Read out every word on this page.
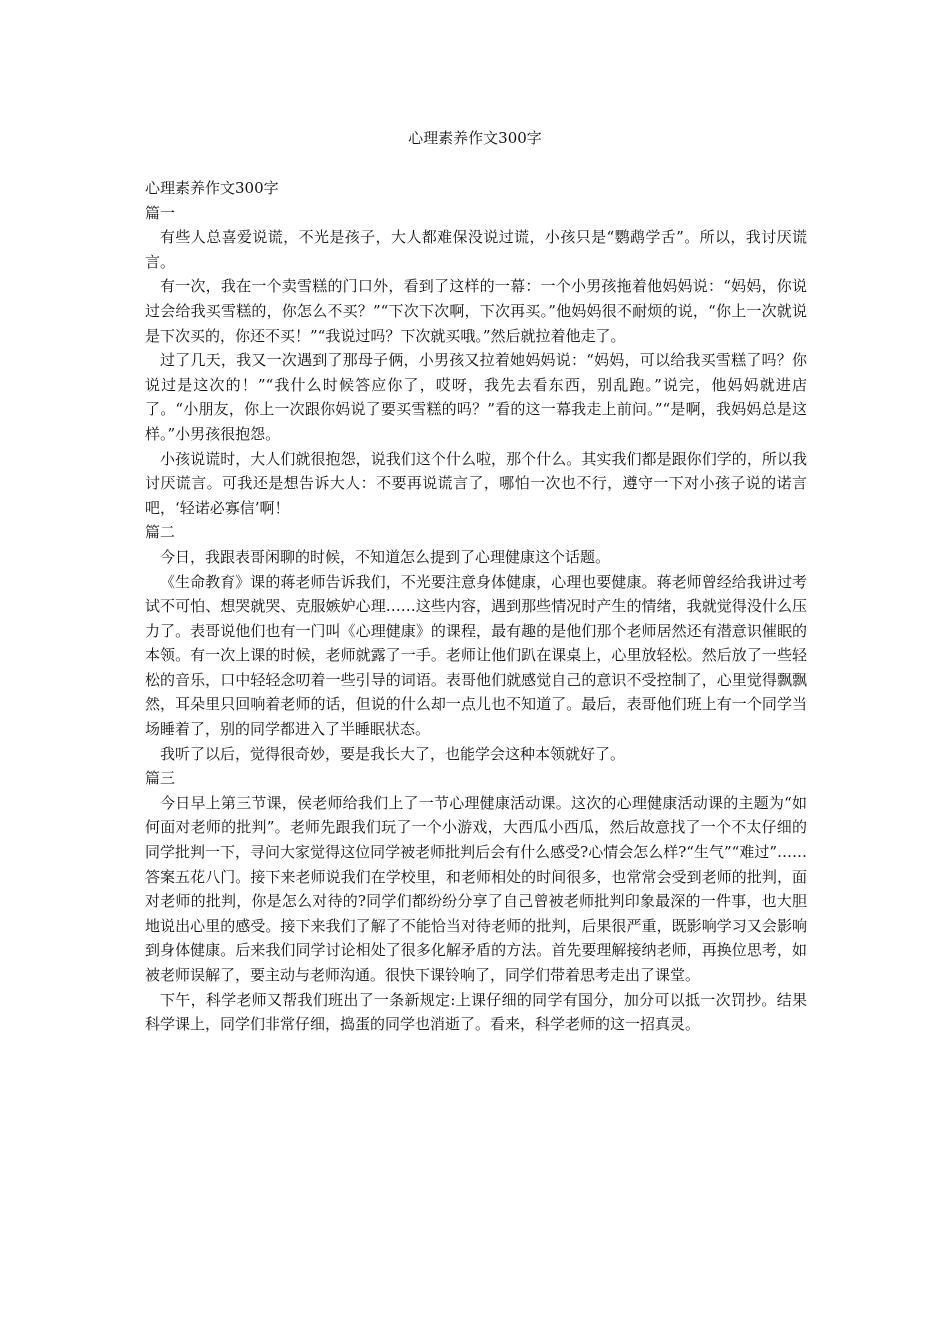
心理素养作文300字

心理素养作文300字

篇一

有些人总喜爱说谎，不光是孩子，大人都难保没说过谎，小孩只是“鹦鹉学舌”。所以，我讨厌谎言。

有一次，我在一个卖雪糕的门口外，看到了这样的一幕：一个小男孩拖着他妈妈说：“妈妈，你说过会给我买雪糕的，你怎么不买？”“下次下次啊，下次再买。”他妈妈很不耐烦的说，“你上一次就说是下次买的，你还不买！”“我说过吗？下次就买哦。”然后就拉着他走了。

过了几天，我又一次遇到了那母子俩，小男孩又拉着她妈妈说：“妈妈，可以给我买雪糕了吗？你说过是这次的！”“我什么时候答应你了，哎呀，我先去看东西，别乱跑。”说完，他妈妈就进店了。“小朋友，你上一次跟你妈说了要买雪糕的吗？”看的这一幕我走上前问。”“是啊，我妈妈总是这样。”小男孩很抱怨。

小孩说谎时，大人们就很抱怨，说我们这个什么啦，那个什么。其实我们都是跟你们学的，所以我讨厌谎言。可我还是想告诉大人：不要再说谎言了，哪怕一次也不行，遵守一下对小孩子说的诺言吧，‘轻诺必寡信’啊！

篇二

今日，我跟表哥闲聊的时候，不知道怎么提到了心理健康这个话题。

《生命教育》课的蒋老师告诉我们，不光要注意身体健康，心理也要健康。蒋老师曾经给我讲过考试不可怕、想哭就哭、克服嫉妒心理……这些内容，遇到那些情况时产生的情绪，我就觉得没什么压力了。表哥说他们也有一门叫《心理健康》的课程，最有趣的是他们那个老师居然还有潜意识催眠的本领。有一次上课的时候，老师就露了一手。老师让他们趴在课桌上，心里放轻松。然后放了一些轻松的音乐，口中轻轻念叨着一些引导的词语。表哥他们就感觉自己的意识不受控制了，心里觉得飘飘然，耳朵里只回响着老师的话，但说的什么却一点儿也不知道了。最后，表哥他们班上有一个同学当场睡着了，别的同学都进入了半睡眠状态。

我听了以后，觉得很奇妙，要是我长大了，也能学会这种本领就好了。

篇三

今日早上第三节课，侯老师给我们上了一节心理健康活动课。这次的心理健康活动课的主题为“如何面对老师的批判”。老师先跟我们玩了一个小游戏，大西瓜小西瓜，然后故意找了一个不太仔细的同学批判一下，寻问大家觉得这位同学被老师批判后会有什么感受?心情会怎么样?“生气”“难过”……答案五花八门。接下来老师说我们在学校里，和老师相处的时间很多，也常常会受到老师的批判，面对老师的批判，你是怎么对待的?同学们都纷纷分享了自己曾被老师批判印象最深的一件事，也大胆地说出心里的感受。接下来我们了解了不能恰当对待老师的批判，后果很严重，既影响学习又会影响到身体健康。后来我们同学讨论相处了很多化解矛盾的方法。首先要理解接纳老师，再换位思考，如被老师误解了，要主动与老师沟通。很快下课铃响了，同学们带着思考走出了课堂。

下午，科学老师又帮我们班出了一条新规定:上课仔细的同学有国分，加分可以抵一次罚抄。结果科学课上，同学们非常仔细，捣蛋的同学也消逝了。看来，科学老师的这一招真灵。
